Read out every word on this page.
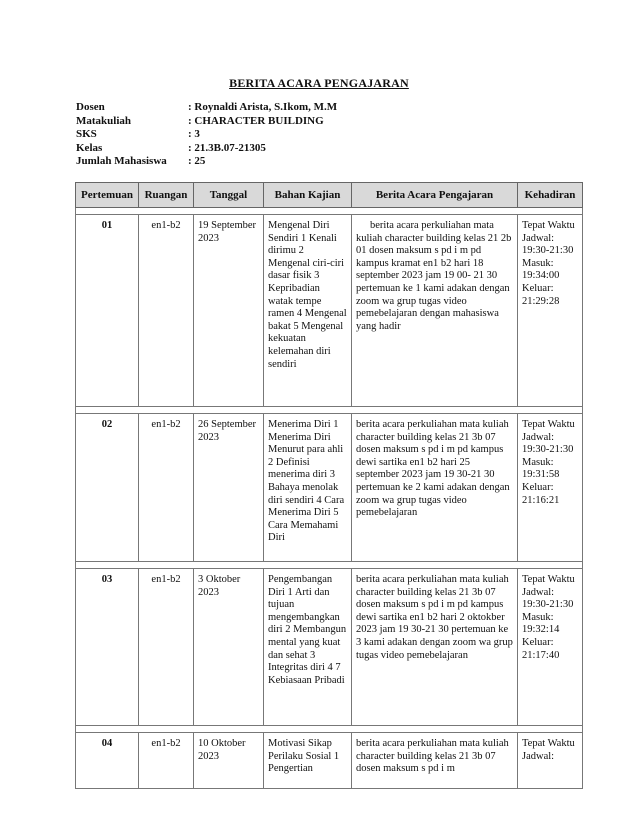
BERITA ACARA PENGAJARAN
Dosen	: Roynaldi Arista, S.Ikom, M.M
Matakuliah	: CHARACTER BUILDING
SKS	: 3
Kelas	: 21.3B.07-21305
Jumlah Mahasiswa : 25
Pertemuan	Ruangan	Tanggal	Bahan Kajian	Berita Acara Pengajaran	Kehadiran

01	en1-b2	19 September 2023	Mengenal Diri Sendiri 1 Kenali dirimu 2 Mengenal ciri-ciri dasar fisik 3 Kepribadian watak tempe ramen 4 Mengenal bakat 5 Mengenal kekuatan kelemahan diri sendiri	berita acara perkuliahan mata kuliah character building kelas 21 2b 01 dosen maksum s pd i m pd kampus kramat en1 b2 hari 18 september 2023 jam 19 00- 21 30 pertemuan ke 1 kami adakan dengan zoom wa grup tugas video pemebelajaran dengan mahasiswa yang hadir	Tepat Waktu Jadwal: 19:30-21:30 Masuk: 19:34:00 Keluar: 21:29:28

02	en1-b2	26 September 2023	Menerima Diri 1 Menerima Diri Menurut para ahli 2 Definisi menerima diri 3 Bahaya menolak diri sendiri 4 Cara Menerima Diri 5 Cara Memahami Diri	berita acara perkuliahan mata kuliah character building kelas 21 3b 07 dosen maksum s pd i m pd kampus dewi sartika en1 b2 hari 25 september 2023 jam 19 30-21 30 pertemuan ke 2 kami adakan dengan zoom wa grup tugas video pemebelajaran	Tepat Waktu Jadwal: 19:30-21:30 Masuk: 19:31:58 Keluar: 21:16:21

03	en1-b2	3 Oktober 2023	Pengembangan Diri 1 Arti dan tujuan mengembangkan diri 2 Membangun mental yang kuat dan sehat 3 Integritas diri 4 7 Kebiasaan Pribadi	berita acara perkuliahan mata kuliah character building kelas 21 3b 07 dosen maksum s pd i m pd kampus dewi sartika en1 b2 hari 2 oktokber 2023 jam 19 30-21 30 pertemuan ke 3 kami adakan dengan zoom wa grup tugas video pemebelajaran	Tepat Waktu Jadwal: 19:30-21:30 Masuk: 19:32:14 Keluar: 21:17:40

04	en1-b2	10 Oktober 2023	Motivasi Sikap Perilaku Sosial 1 Pengertian	berita acara perkuliahan mata kuliah character building kelas 21 3b 07 dosen maksum s pd i m	Tepat Waktu Jadwal:
